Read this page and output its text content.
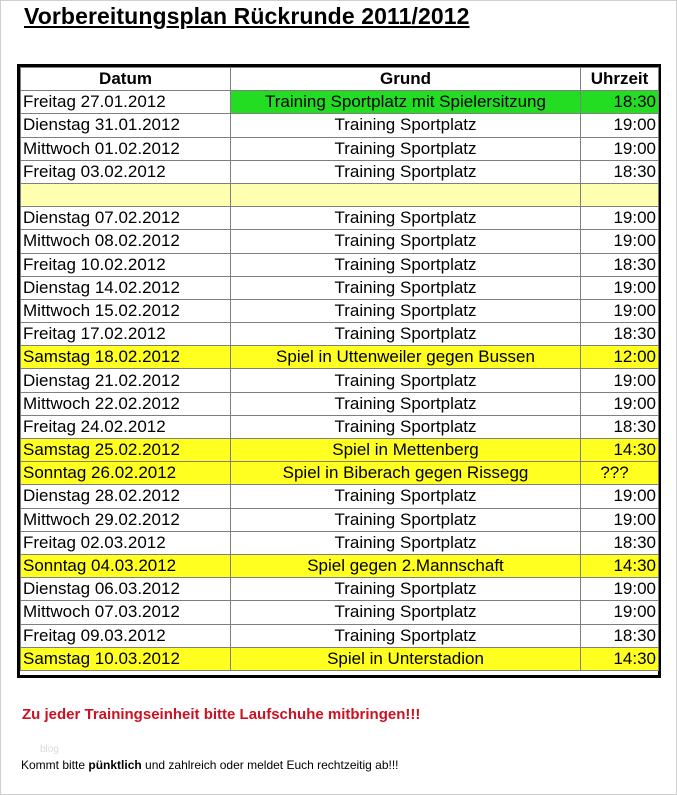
Vorbereitungsplan Rückrunde 2011/2012
Datum	Grund	Uhrzeit
Freitag 27.01.2012	Training Sportplatz mit Spielersitzung	18:30
Dienstag 31.01.2012	Training Sportplatz	19:00
Mittwoch 01.02.2012	Training Sportplatz	19:00
Freitag 03.02.2012	Training Sportplatz	18:30

Dienstag 07.02.2012	Training Sportplatz	19:00
Mittwoch 08.02.2012	Training Sportplatz	19:00
Freitag 10.02.2012	Training Sportplatz	18:30
Dienstag 14.02.2012	Training Sportplatz	19:00
Mittwoch 15.02.2012	Training Sportplatz	19:00
Freitag 17.02.2012	Training Sportplatz	18:30
Samstag 18.02.2012	Spiel in Uttenweiler gegen Bussen	12:00
Dienstag 21.02.2012	Training Sportplatz	19:00
Mittwoch 22.02.2012	Training Sportplatz	19:00
Freitag 24.02.2012	Training Sportplatz	18:30
Samstag 25.02.2012	Spiel in Mettenberg	14:30
Sonntag 26.02.2012	Spiel in Biberach gegen Rissegg	???
Dienstag 28.02.2012	Training Sportplatz	19:00
Mittwoch 29.02.2012	Training Sportplatz	19:00
Freitag 02.03.2012	Training Sportplatz	18:30
Sonntag 04.03.2012	Spiel gegen 2.Mannschaft	14:30
Dienstag 06.03.2012	Training Sportplatz	19:00
Mittwoch 07.03.2012	Training Sportplatz	19:00
Freitag 09.03.2012	Training Sportplatz	18:30
Samstag 10.03.2012	Spiel in Unterstadion	14:30
Zu jeder Trainingseinheit bitte Laufschuhe mitbringen!!!
blog
Kommt bitte pünktlich und zahlreich oder meldet Euch rechtzeitig ab!!!
